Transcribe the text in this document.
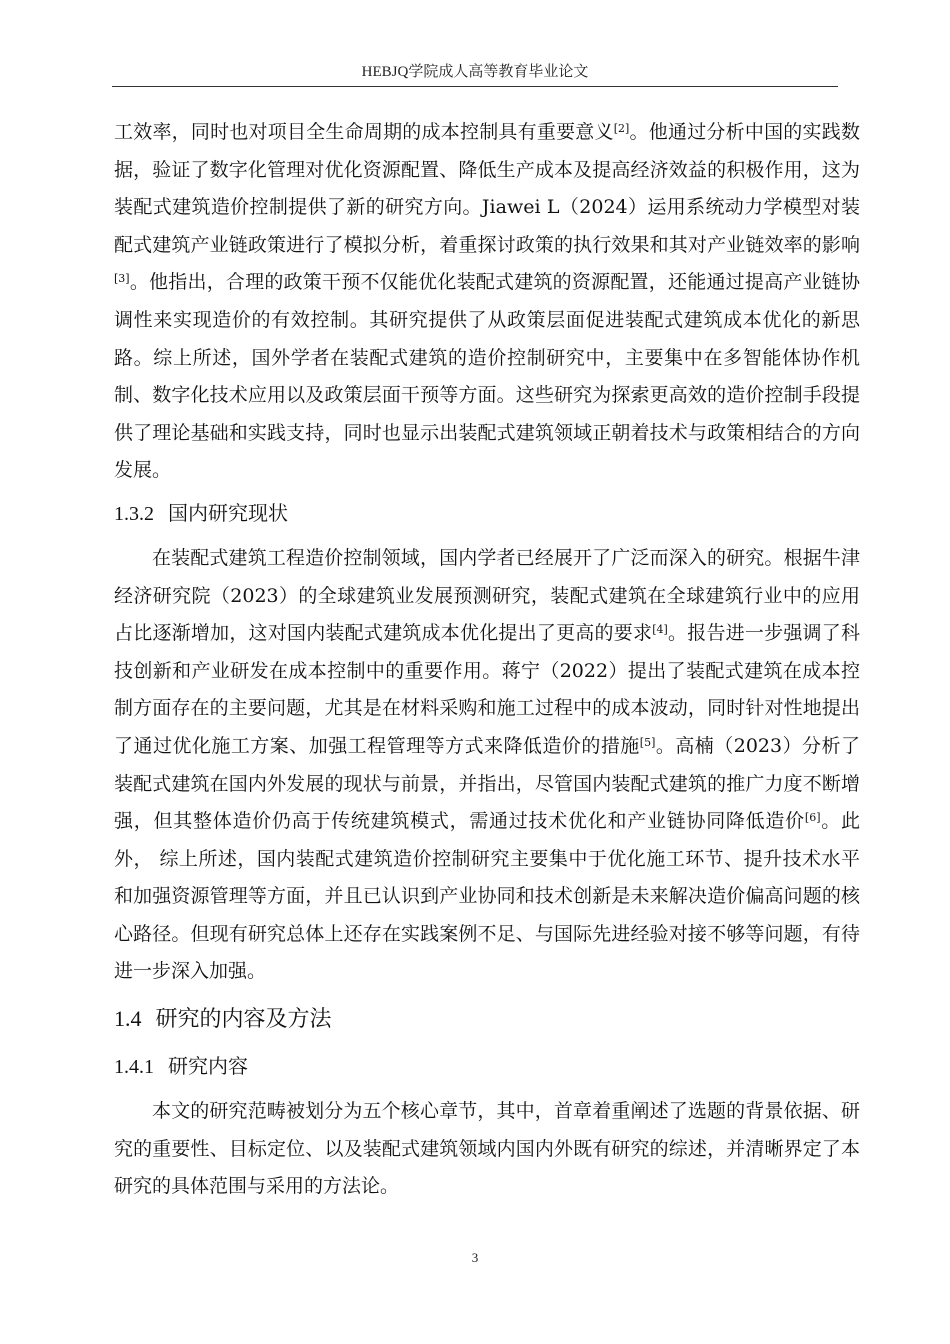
HEBJQ学院成人高等教育毕业论文

工效率，同时也对项目全生命周期的成本控制具有重要意义[2]。他通过分析中国的实践数据，验证了数字化管理对优化资源配置、降低生产成本及提高经济效益的积极作用，这为装配式建筑造价控制提供了新的研究方向。Jiawei L（2024）运用系统动力学模型对装配式建筑产业链政策进行了模拟分析，着重探讨政策的执行效果和其对产业链效率的影响[3]。他指出，合理的政策干预不仅能优化装配式建筑的资源配置，还能通过提高产业链协调性来实现造价的有效控制。其研究提供了从政策层面促进装配式建筑成本优化的新思路。综上所述，国外学者在装配式建筑的造价控制研究中，主要集中在多智能体协作机制、数字化技术应用以及政策层面干预等方面。这些研究为探索更高效的造价控制手段提供了理论基础和实践支持，同时也显示出装配式建筑领域正朝着技术与政策相结合的方向发展。

1.3.2 国内研究现状

在装配式建筑工程造价控制领域，国内学者已经展开了广泛而深入的研究。根据牛津经济研究院（2023）的全球建筑业发展预测研究，装配式建筑在全球建筑行业中的应用占比逐渐增加，这对国内装配式建筑成本优化提出了更高的要求[4]。报告进一步强调了科技创新和产业研发在成本控制中的重要作用。蒋宁（2022）提出了装配式建筑在成本控制方面存在的主要问题，尤其是在材料采购和施工过程中的成本波动，同时针对性地提出了通过优化施工方案、加强工程管理等方式来降低造价的措施[5]。高楠（2023）分析了装配式建筑在国内外发展的现状与前景，并指出，尽管国内装配式建筑的推广力度不断增强，但其整体造价仍高于传统建筑模式，需通过技术优化和产业链协同降低造价[6]。此外， 综上所述，国内装配式建筑造价控制研究主要集中于优化施工环节、提升技术水平和加强资源管理等方面，并且已认识到产业协同和技术创新是未来解决造价偏高问题的核心路径。但现有研究总体上还存在实践案例不足、与国际先进经验对接不够等问题，有待进一步深入加强。

1.4 研究的内容及方法
1.4.1 研究内容

本文的研究范畴被划分为五个核心章节，其中，首章着重阐述了选题的背景依据、研究的重要性、目标定位、以及装配式建筑领域内国内外既有研究的综述，并清晰界定了本研究的具体范围与采用的方法论。

3
